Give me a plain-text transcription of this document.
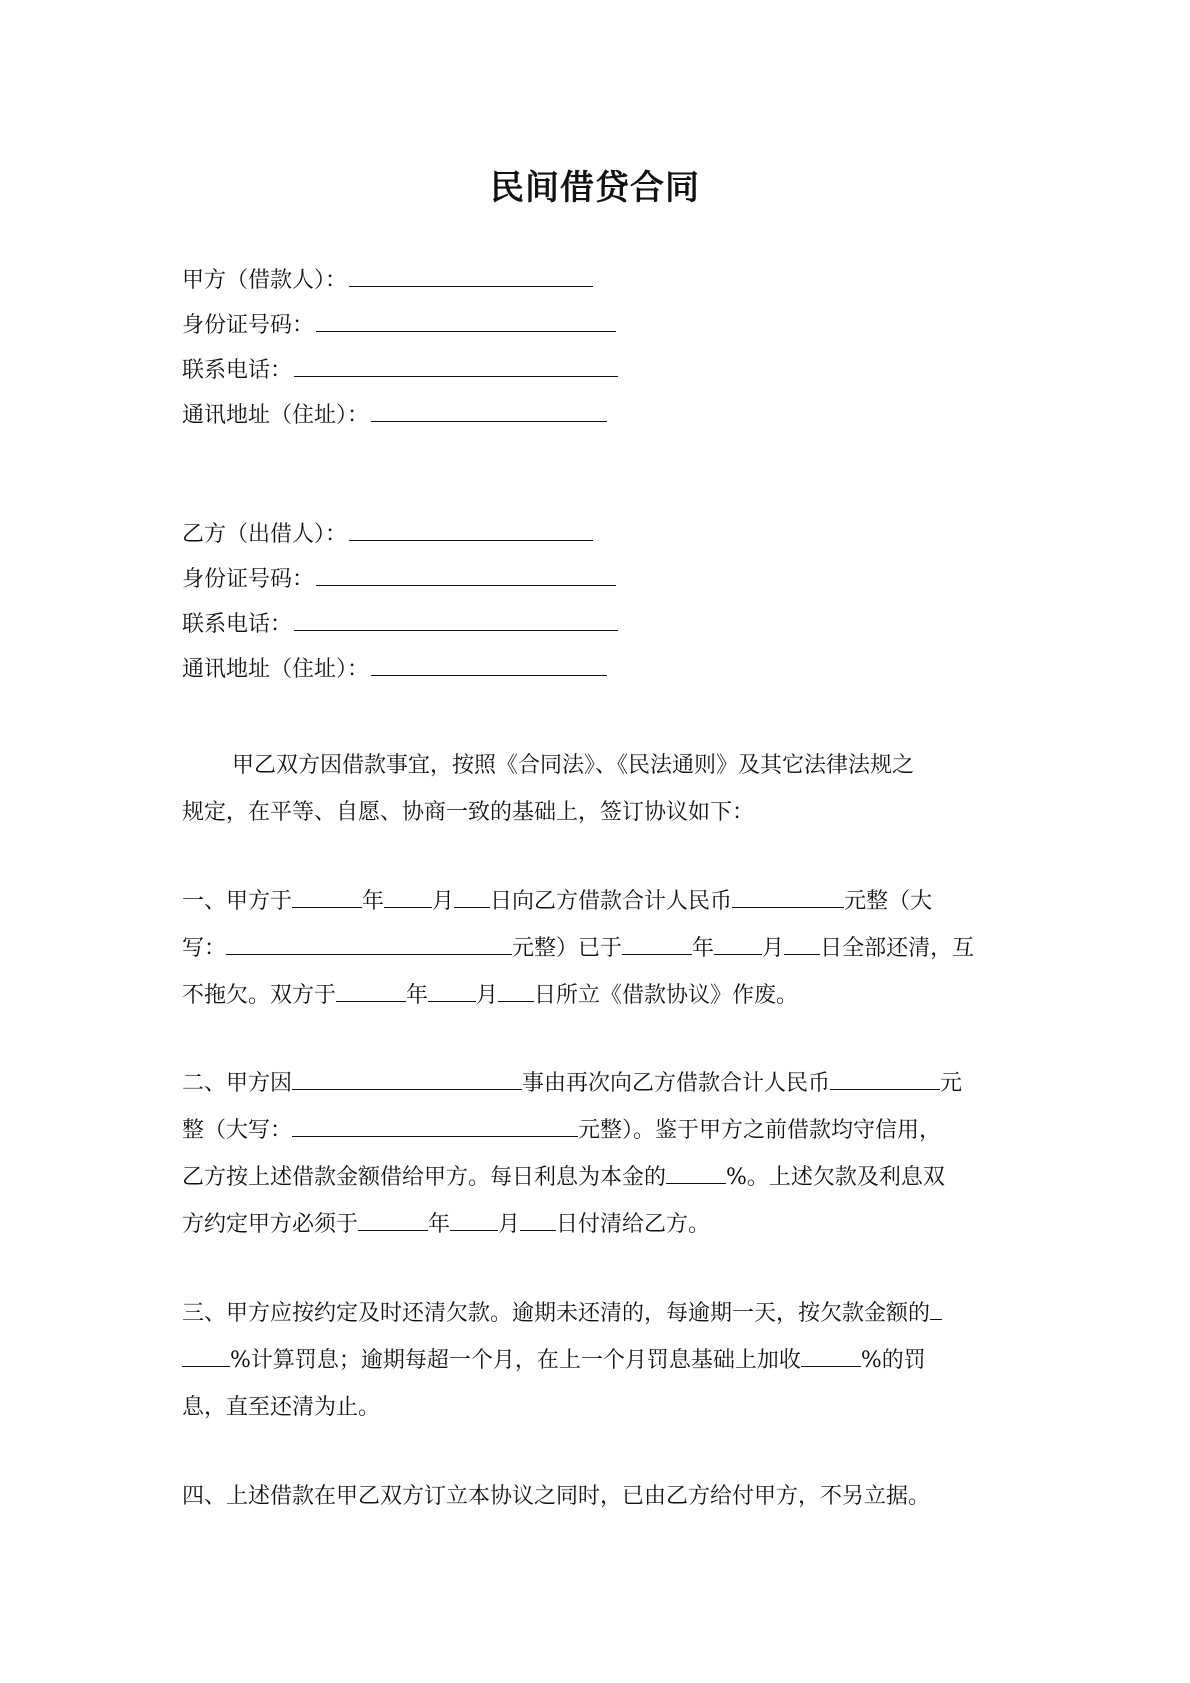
民间借贷合同
甲方（借款人）：
身份证号码：
联系电话：
通讯地址（住址）：
乙方（出借人）：
身份证号码：
联系电话：
通讯地址（住址）：
甲乙双方因借款事宜，按照《合同法》、《民法通则》及其它法律法规之
规定，在平等、自愿、协商一致的基础上，签订协议如下：
一、甲方于	年 月 日向乙方借款合计人民币	元整（大
写：	元整）已于	年 月 日全部还清，互
不拖欠。双方于	年 月 日所立《借款协议》作废。
二、甲方因	事由再次向乙方借款合计人民币	元
整（大写：	元整）。鉴于甲方之前借款均守信用，
乙方按上述借款金额借给甲方。每日利息为本金的	%。上述欠款及利息双
方约定甲方必须于	年 月 日付清给乙方。
三、甲方应按约定及时还清欠款。逾期未还清的，每逾期一天，按欠款金额的
%计算罚息；逾期每超一个月，在上一个月罚息基础上加收	%的罚
息，直至还清为止。
四、上述借款在甲乙双方订立本协议之同时，已由乙方给付甲方，不另立据。
